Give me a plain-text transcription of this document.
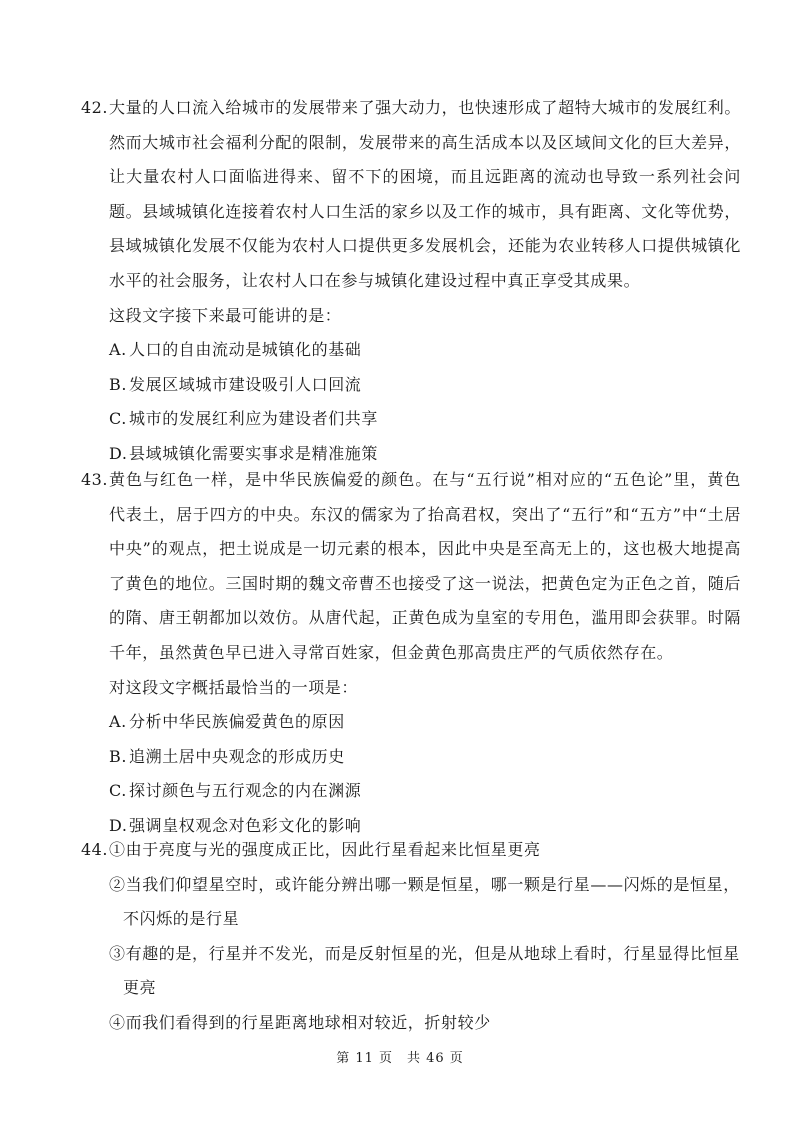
42. 大量的人口流入给城市的发展带来了强大动力，也快速形成了超特大城市的发展红利。然而大城市社会福利分配的限制，发展带来的高生活成本以及区域间文化的巨大差异，让大量农村人口面临进得来、留不下的困境，而且远距离的流动也导致一系列社会问题。县域城镇化连接着农村人口生活的家乡以及工作的城市，具有距离、文化等优势，县域城镇化发展不仅能为农村人口提供更多发展机会，还能为农业转移人口提供城镇化水平的社会服务，让农村人口在参与城镇化建设过程中真正享受其成果。

这段文字接下来最可能讲的是：

A. 人口的自由流动是城镇化的基础
B. 发展区域城市建设吸引人口回流
C. 城市的发展红利应为建设者们共享
D.县域城镇化需要实事求是精准施策
43. 黄色与红色一样，是中华民族偏爱的颜色。在与“五行说”相对应的“五色论”里，黄色代表土，居于四方的中央。东汉的儒家为了抬高君权，突出了“五行”和“五方”中“土居中央”的观点，把土说成是一切元素的根本，因此中央是至高无上的，这也极大地提高了黄色的地位。三国时期的魏文帝曹丕也接受了这一说法，把黄色定为正色之首，随后的隋、唐王朝都加以效仿。从唐代起，正黄色成为皇室的专用色，滥用即会获罪。时隔千年，虽然黄色早已进入寻常百姓家，但金黄色那高贵庄严的气质依然存在。

对这段文字概括最恰当的一项是：

A. 分析中华民族偏爱黄色的原因
B. 追溯土居中央观念的形成历史
C. 探讨颜色与五行观念的内在渊源
D.强调皇权观念对色彩文化的影响
44. ①由于亮度与光的强度成正比，因此行星看起来比恒星更亮
②当我们仰望星空时，或许能分辨出哪一颗是恒星，哪一颗是行星——闪烁的是恒星，
不闪烁的是行星
③有趣的是，行星并不发光，而是反射恒星的光，但是从地球上看时，行星显得比恒星
更亮
④而我们看得到的行星距离地球相对较近，折射较少
第 11 页　共 46 页
